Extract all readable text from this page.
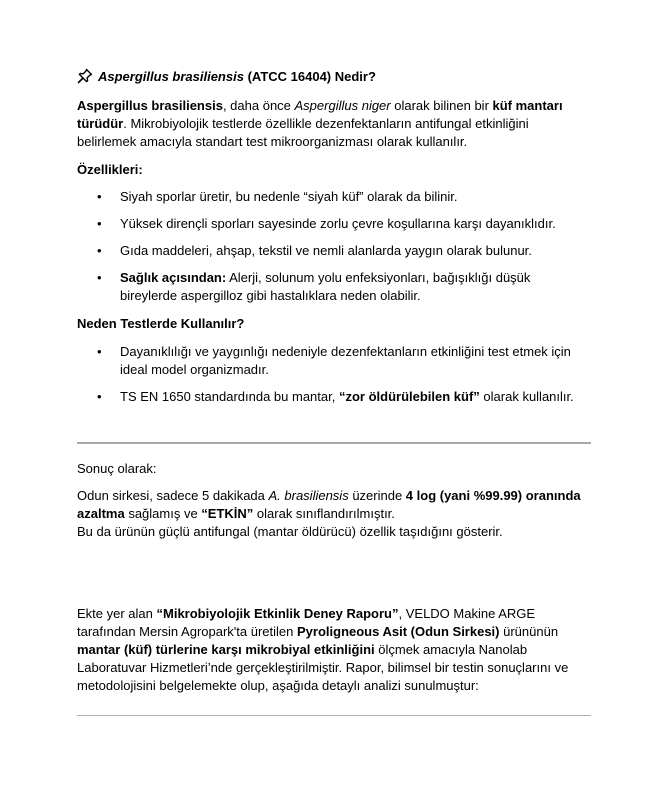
Aspergillus brasiliensis (ATCC 16404) Nedir?
Aspergillus brasiliensis, daha önce Aspergillus niger olarak bilinen bir küf mantarı türüdür. Mikrobiyolojik testlerde özellikle dezenfektanların antifungal etkinliğini belirlemek amacıyla standart test mikroorganizması olarak kullanılır.
Özellikleri:
• Siyah sporlar üretir, bu nedenle “siyah küf” olarak da bilinir.
• Yüksek dirençli sporları sayesinde zorlu çevre koşullarına karşı dayanıklıdır.
• Gıda maddeleri, ahşap, tekstil ve nemli alanlarda yaygın olarak bulunur.
• Sağlık açısından: Alerji, solunum yolu enfeksiyonları, bağışıklığı düşük bireylerde aspergilloz gibi hastalıklara neden olabilir.
Neden Testlerde Kullanılır?
• Dayanıklılığı ve yaygınlığı nedeniyle dezenfektanların etkinliğini test etmek için ideal model organizmadır.
• TS EN 1650 standardında bu mantar, “zor öldürülebilen küf” olarak kullanılır.
Sonuç olarak:
Odun sirkesi, sadece 5 dakikada A. brasiliensis üzerinde 4 log (yani %99.99) oranında azaltma sağlamış ve “ETKİN” olarak sınıflandırılmıştır.
Bu da ürünün güçlü antifungal (mantar öldürücü) özellik taşıdığını gösterir.
Ekte yer alan “Mikrobiyolojik Etkinlik Deney Raporu”, VELDO Makine ARGE tarafından Mersin Agropark'ta üretilen Pyroligneous Asit (Odun Sirkesi) ürününün mantar (küf) türlerine karşı mikrobiyal etkinliğini ölçmek amacıyla Nanolab Laboratuvar Hizmetleri’nde gerçekleştirilmiştir. Rapor, bilimsel bir testin sonuçlarını ve metodolojisini belgelemekte olup, aşağıda detaylı analizi sunulmuştur:
